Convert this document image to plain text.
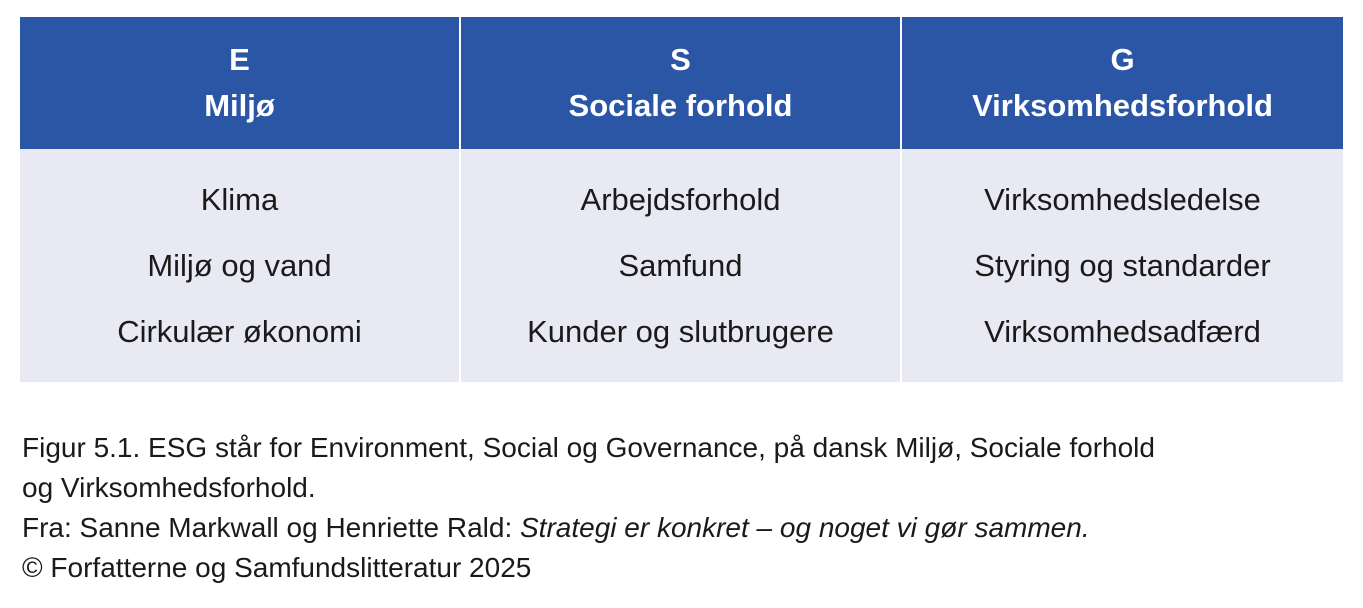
E
Miljø
S
Sociale forhold
G
Virksomhedsforhold
Klima
Miljø og vand
Cirkulær økonomi
Arbejdsforhold
Samfund
Kunder og slutbrugere
Virksomhedsledelse
Styring og standarder
Virksomhedsadfærd
Figur 5.1. ESG står for Environment, Social og Governance, på dansk Miljø, Sociale forhold
og Virksomhedsforhold.
Fra: Sanne Markwall og Henriette Rald: Strategi er konkret – og noget vi gør sammen.
© Forfatterne og Samfundslitteratur 2025
